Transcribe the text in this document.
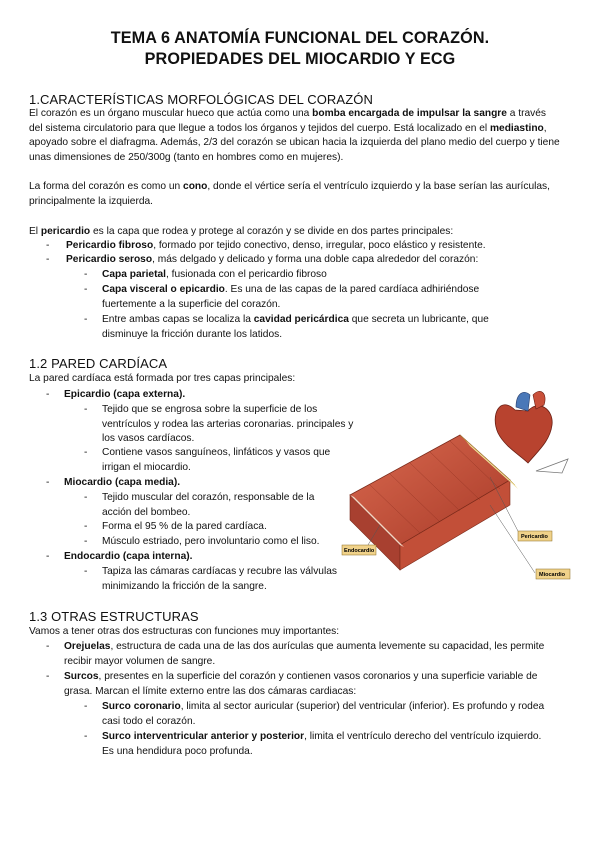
TEMA 6 ANATOMÍA FUNCIONAL DEL CORAZÓN.
PROPIEDADES DEL MIOCARDIO Y ECG
1.CARACTERÍSTICAS MORFOLÓGICAS DEL CORAZÓN
El corazón es un órgano muscular hueco que actúa como una bomba encargada de impulsar la sangre a través del sistema circulatorio para que llegue a todos los órganos y tejidos del cuerpo. Está localizado en el mediastino, apoyado sobre el diafragma. Además, 2/3 del corazón se ubican hacia la izquierda del plano medio del cuerpo y tiene unas dimensiones de 250/300g (tanto en hombres como en mujeres).
La forma del corazón es como un cono, donde el vértice sería el ventrículo izquierdo y la base serían las aurículas, principalmente la izquierda.
El pericardio es la capa que rodea y protege al corazón y se divide en dos partes principales:
- Pericardio fibroso, formado por tejido conectivo, denso, irregular, poco elástico y resistente.
- Pericardio seroso, más delgado y delicado y forma una doble capa alrededor del corazón:
- Capa parietal, fusionada con el pericardio fibroso
- Capa visceral o epicardio. Es una de las capas de la pared cardíaca adhiriéndose fuertemente a la superficie del corazón.
- Entre ambas capas se localiza la cavidad pericárdica que secreta un lubricante, que disminuye la fricción durante los latidos.
1.2 PARED CARDÍACA
La pared cardíaca está formada por tres capas principales:
- Epicardio (capa externa).
- Tejido que se engrosa sobre la superficie de los ventrículos y rodea las arterias coronarias. principales y los vasos cardíacos.
- Contiene vasos sanguíneos, linfáticos y vasos que irrigan el miocardio.
- Miocardio (capa media).
- Tejido muscular del corazón, responsable de la acción del bombeo.
- Forma el 95 % de la pared cardíaca.
- Músculo estriado, pero involuntario como el liso.
- Endocardio (capa interna).
- Tapiza las cámaras cardíacas y recubre las válvulas minimizando la fricción de la sangre.
Pericardio
Endocardio
Miocardio
1.3 OTRAS ESTRUCTURAS
Vamos a tener otras dos estructuras con funciones muy importantes:
- Orejuelas, estructura de cada una de las dos aurículas que aumenta levemente su capacidad, les permite recibir mayor volumen de sangre.
- Surcos, presentes en la superficie del corazón y contienen vasos coronarios y una superficie variable de grasa. Marcan el límite externo entre las dos cámaras cardiacas:
- Surco coronario, limita al sector auricular (superior) del ventricular (inferior). Es profundo y rodea casi todo el corazón.
- Surco interventricular anterior y posterior, limita el ventrículo derecho del ventrículo izquierdo. Es una hendidura poco profunda.
